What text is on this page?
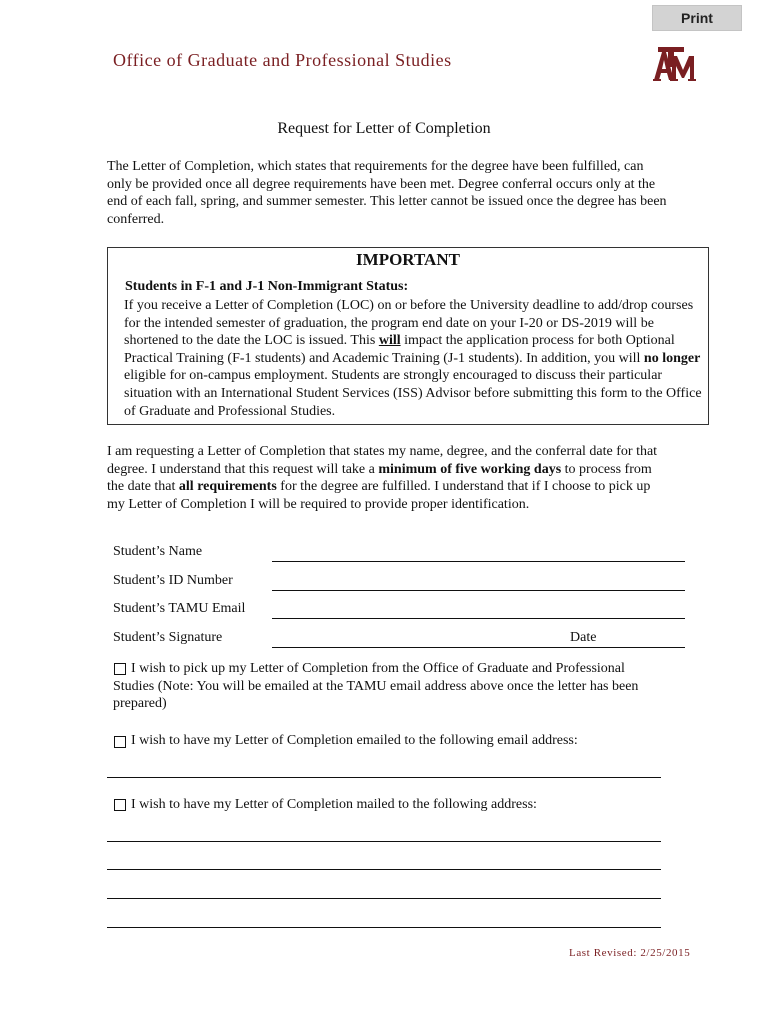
Print
Office of Graduate and Professional Studies
Request for Letter of Completion

The Letter of Completion, which states that requirements for the degree have been fulfilled, can only be provided once all degree requirements have been met. Degree conferral occurs only at the end of each fall, spring, and summer semester. This letter cannot be issued once the degree has been conferred.

IMPORTANT
Students in F-1 and J-1 Non-Immigrant Status:

If you receive a Letter of Completion (LOC) on or before the University deadline to add/drop courses for the intended semester of graduation, the program end date on your I-20 or DS-2019 will be shortened to the date the LOC is issued. This will impact the application process for both Optional Practical Training (F-1 students) and Academic Training (J-1 students). In addition, you will no longer eligible for on-campus employment. Students are strongly encouraged to discuss their particular situation with an International Student Services (ISS) Advisor before submitting this form to the Office of Graduate and Professional Studies.

I am requesting a Letter of Completion that states my name, degree, and the conferral date for that degree. I understand that this request will take a minimum of five working days to process from the date that all requirements for the degree are fulfilled. I understand that if I choose to pick up my Letter of Completion I will be required to provide proper identification.

Student’s Name
Student’s ID Number
Student’s TAMU Email
Student’s Signature	Date

I wish to pick up my Letter of Completion from the Office of Graduate and Professional Studies (Note: You will be emailed at the TAMU email address above once the letter has been prepared)

I wish to have my Letter of Completion emailed to the following email address:

I wish to have my Letter of Completion mailed to the following address:

Last Revised: 2/25/2015
